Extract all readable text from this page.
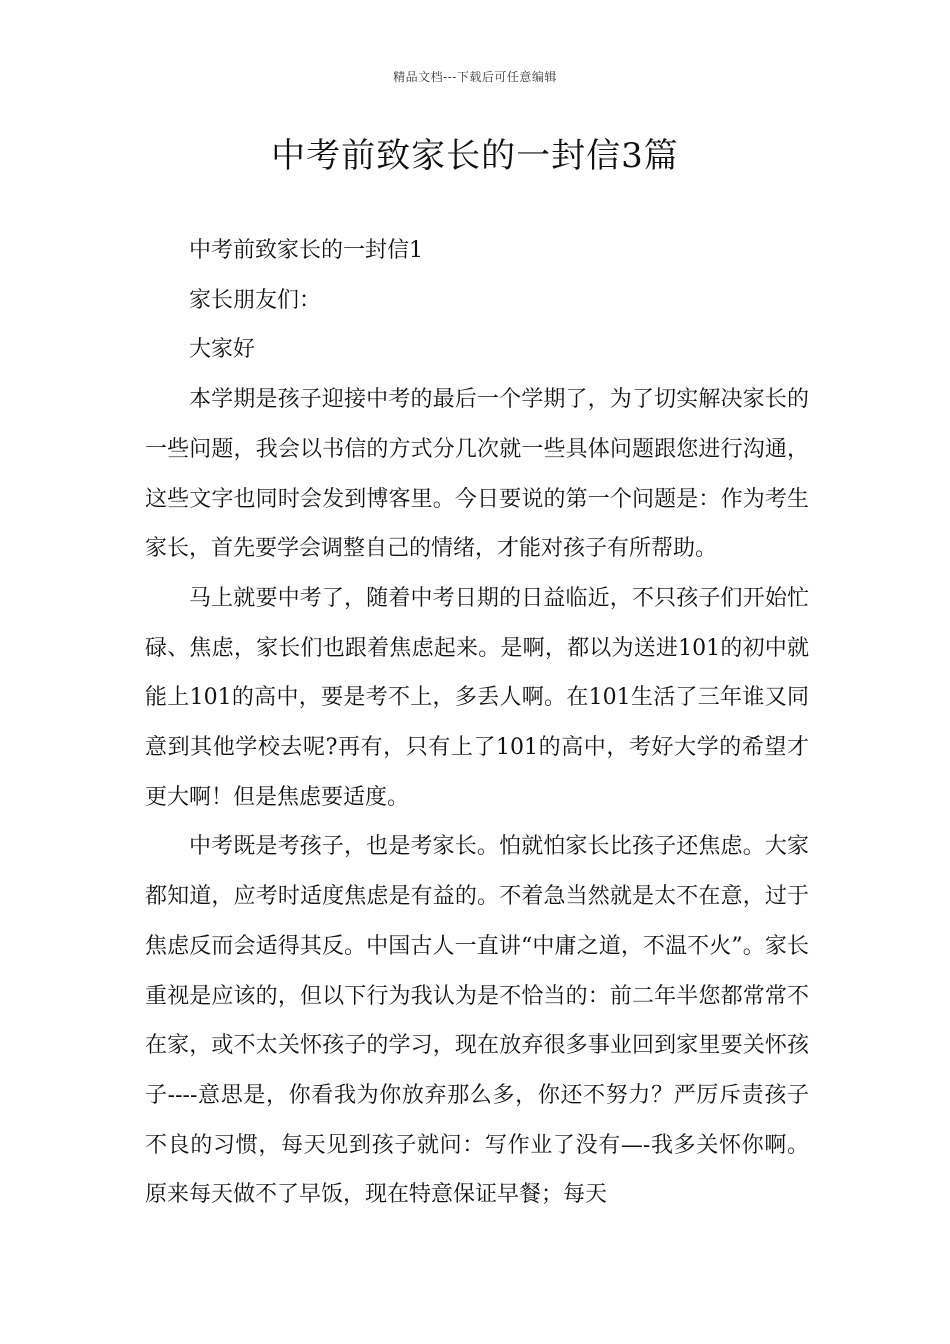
精品文档---下载后可任意编辑
中考前致家长的一封信3篇

中考前致家长的一封信1

家长朋友们：

大家好

本学期是孩子迎接中考的最后一个学期了，为了切实解决家长的一些问题，我会以书信的方式分几次就一些具体问题跟您进行沟通，这些文字也同时会发到博客里。今日要说的第一个问题是：作为考生家长，首先要学会调整自己的情绪，才能对孩子有所帮助。

马上就要中考了，随着中考日期的日益临近，不只孩子们开始忙碌、焦虑，家长们也跟着焦虑起来。是啊，都以为送进101的初中就能上101的高中，要是考不上，多丢人啊。在101生活了三年谁又同意到其他学校去呢?再有，只有上了101的高中，考好大学的希望才更大啊！但是焦虑要适度。

中考既是考孩子，也是考家长。怕就怕家长比孩子还焦虑。大家都知道，应考时适度焦虑是有益的。不着急当然就是太不在意，过于焦虑反而会适得其反。中国古人一直讲“中庸之道，不温不火”。家长重视是应该的，但以下行为我认为是不恰当的：前二年半您都常常不在家，或不太关怀孩子的学习，现在放弃很多事业回到家里要关怀孩子----意思是，你看我为你放弃那么多，你还不努力？严厉斥责孩子不良的习惯，每天见到孩子就问：写作业了没有—-我多关怀你啊。原来每天做不了早饭，现在特意保证早餐；每天
